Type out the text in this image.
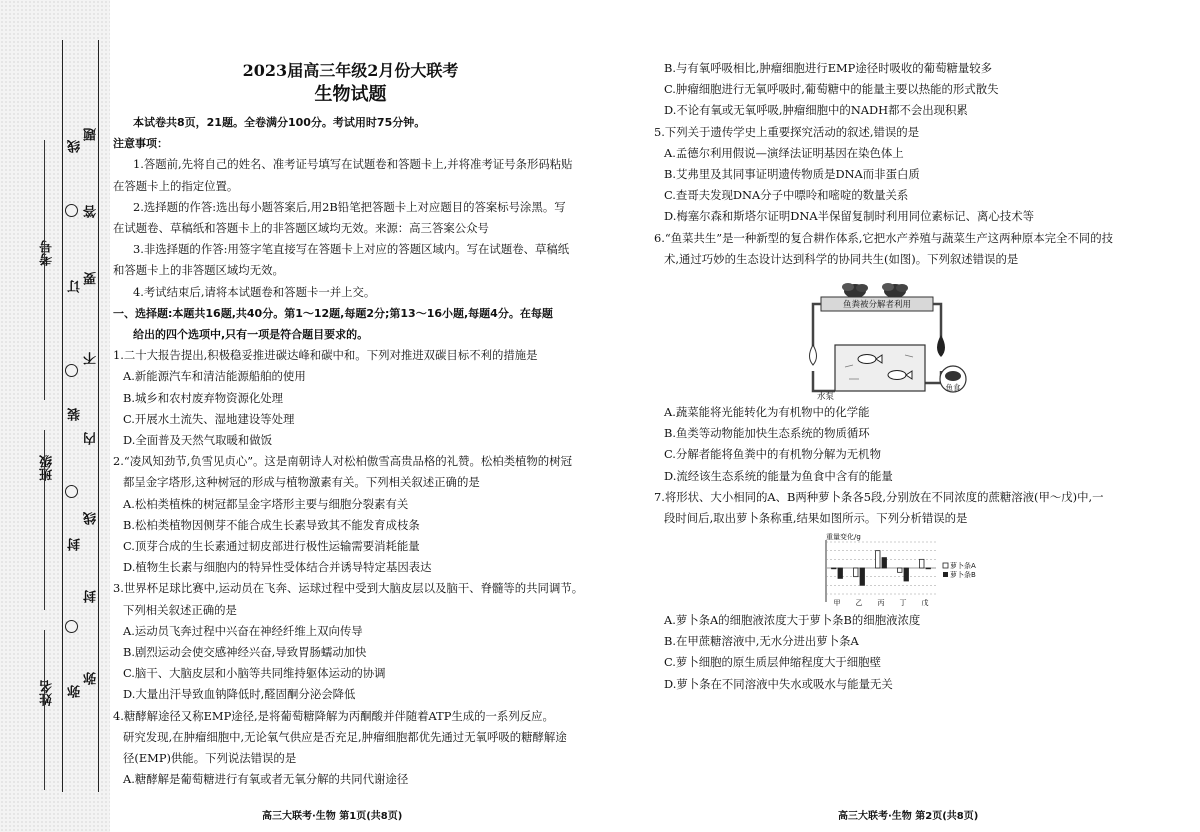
考号
班级
姓名
线
订
装
封
弥
题
答
要
不
内
线
封
弥
2023届高三年级2月份大联考
生物试题
本试卷共8页，21题。全卷满分100分。考试用时75分钟。
注意事项：
1.答题前,先将自己的姓名、准考证号填写在试题卷和答题卡上,并将准考证号条形码粘贴
在答题卡上的指定位置。
2.选择题的作答:选出每小题答案后,用2B铅笔把答题卡上对应题目的答案标号涂黑。写
在试题卷、草稿纸和答题卡上的非答题区域均无效。来源：高三答案公众号
3.非选择题的作答:用签字笔直接写在答题卡上对应的答题区域内。写在试题卷、草稿纸
和答题卡上的非答题区域均无效。
4.考试结束后,请将本试题卷和答题卡一并上交。
一、选择题:本题共16题,共40分。第1～12题,每题2分;第13～16小题,每题4分。在每题
给出的四个选项中,只有一项是符合题目要求的。
1.二十大报告提出,积极稳妥推进碳达峰和碳中和。下列对推进双碳目标不利的措施是
A.新能源汽车和清洁能源船舶的使用
B.城乡和农村废弃物资源化处理
C.开展水土流失、湿地建设等处理
D.全面普及天然气取暖和做饭
2.“凌风知劲节,负雪见贞心”。这是南朝诗人对松柏傲雪高贵品格的礼赞。松柏类植物的树冠
都呈金字塔形,这种树冠的形成与植物激素有关。下列相关叙述正确的是
A.松柏类植株的树冠都呈金字塔形主要与细胞分裂素有关
B.松柏类植物因侧芽不能合成生长素导致其不能发育成枝条
C.顶芽合成的生长素通过韧皮部进行极性运输需要消耗能量
D.植物生长素与细胞内的特异性受体结合并诱导特定基因表达
3.世界杯足球比赛中,运动员在飞奔、运球过程中受到大脑皮层以及脑干、脊髓等的共同调节。
下列相关叙述正确的是
A.运动员飞奔过程中兴奋在神经纤维上双向传导
B.剧烈运动会使交感神经兴奋,导致胃肠蠕动加快
C.脑干、大脑皮层和小脑等共同维持躯体运动的协调
D.大量出汗导致血钠降低时,醛固酮分泌会降低
4.糖酵解途径又称EMP途径,是将葡萄糖降解为丙酮酸并伴随着ATP生成的一系列反应。
研究发现,在肿瘤细胞中,无论氧气供应是否充足,肿瘤细胞都优先通过无氧呼吸的糖酵解途
径(EMP)供能。下列说法错误的是
A.糖酵解是葡萄糖进行有氧或者无氧分解的共同代谢途径
高三大联考·生物 第1页(共8页)
B.与有氧呼吸相比,肿瘤细胞进行EMP途径时吸收的葡萄糖量较多
C.肿瘤细胞进行无氧呼吸时,葡萄糖中的能量主要以热能的形式散失
D.不论有氧或无氧呼吸,肿瘤细胞中的NADH都不会出现积累
5.下列关于遗传学史上重要探究活动的叙述,错误的是
A.孟德尔利用假说—演绎法证明基因在染色体上
B.艾弗里及其同事证明遗传物质是DNA而非蛋白质
C.查哥夫发现DNA分子中嘌呤和嘧啶的数量关系
D.梅塞尔森和斯塔尔证明DNA半保留复制时利用同位素标记、离心技术等
6.“鱼菜共生”是一种新型的复合耕作体系,它把水产养殖与蔬菜生产这两种原本完全不同的技
术,通过巧妙的生态设计达到科学的协同共生(如图)。下列叙述错误的是
鱼粪被分解者利用
水泵
鱼食
A.蔬菜能将光能转化为有机物中的化学能
B.鱼类等动物能加快生态系统的物质循环
C.分解者能将鱼粪中的有机物分解为无机物
D.流经该生态系统的能量为鱼食中含有的能量
7.将形状、大小相同的A、B两种萝卜条各5段,分别放在不同浓度的蔗糖溶液(甲～戊)中,一
段时间后,取出萝卜条称重,结果如图所示。下列分析错误的是
重量变化/g
甲 乙 丙 丁 戊
萝卜条A
萝卜条B
A.萝卜条A的细胞液浓度大于萝卜条B的细胞液浓度
B.在甲蔗糖溶液中,无水分进出萝卜条A
C.萝卜细胞的原生质层伸缩程度大于细胞壁
D.萝卜条在不同溶液中失水或吸水与能量无关
高三大联考·生物 第2页(共8页)
